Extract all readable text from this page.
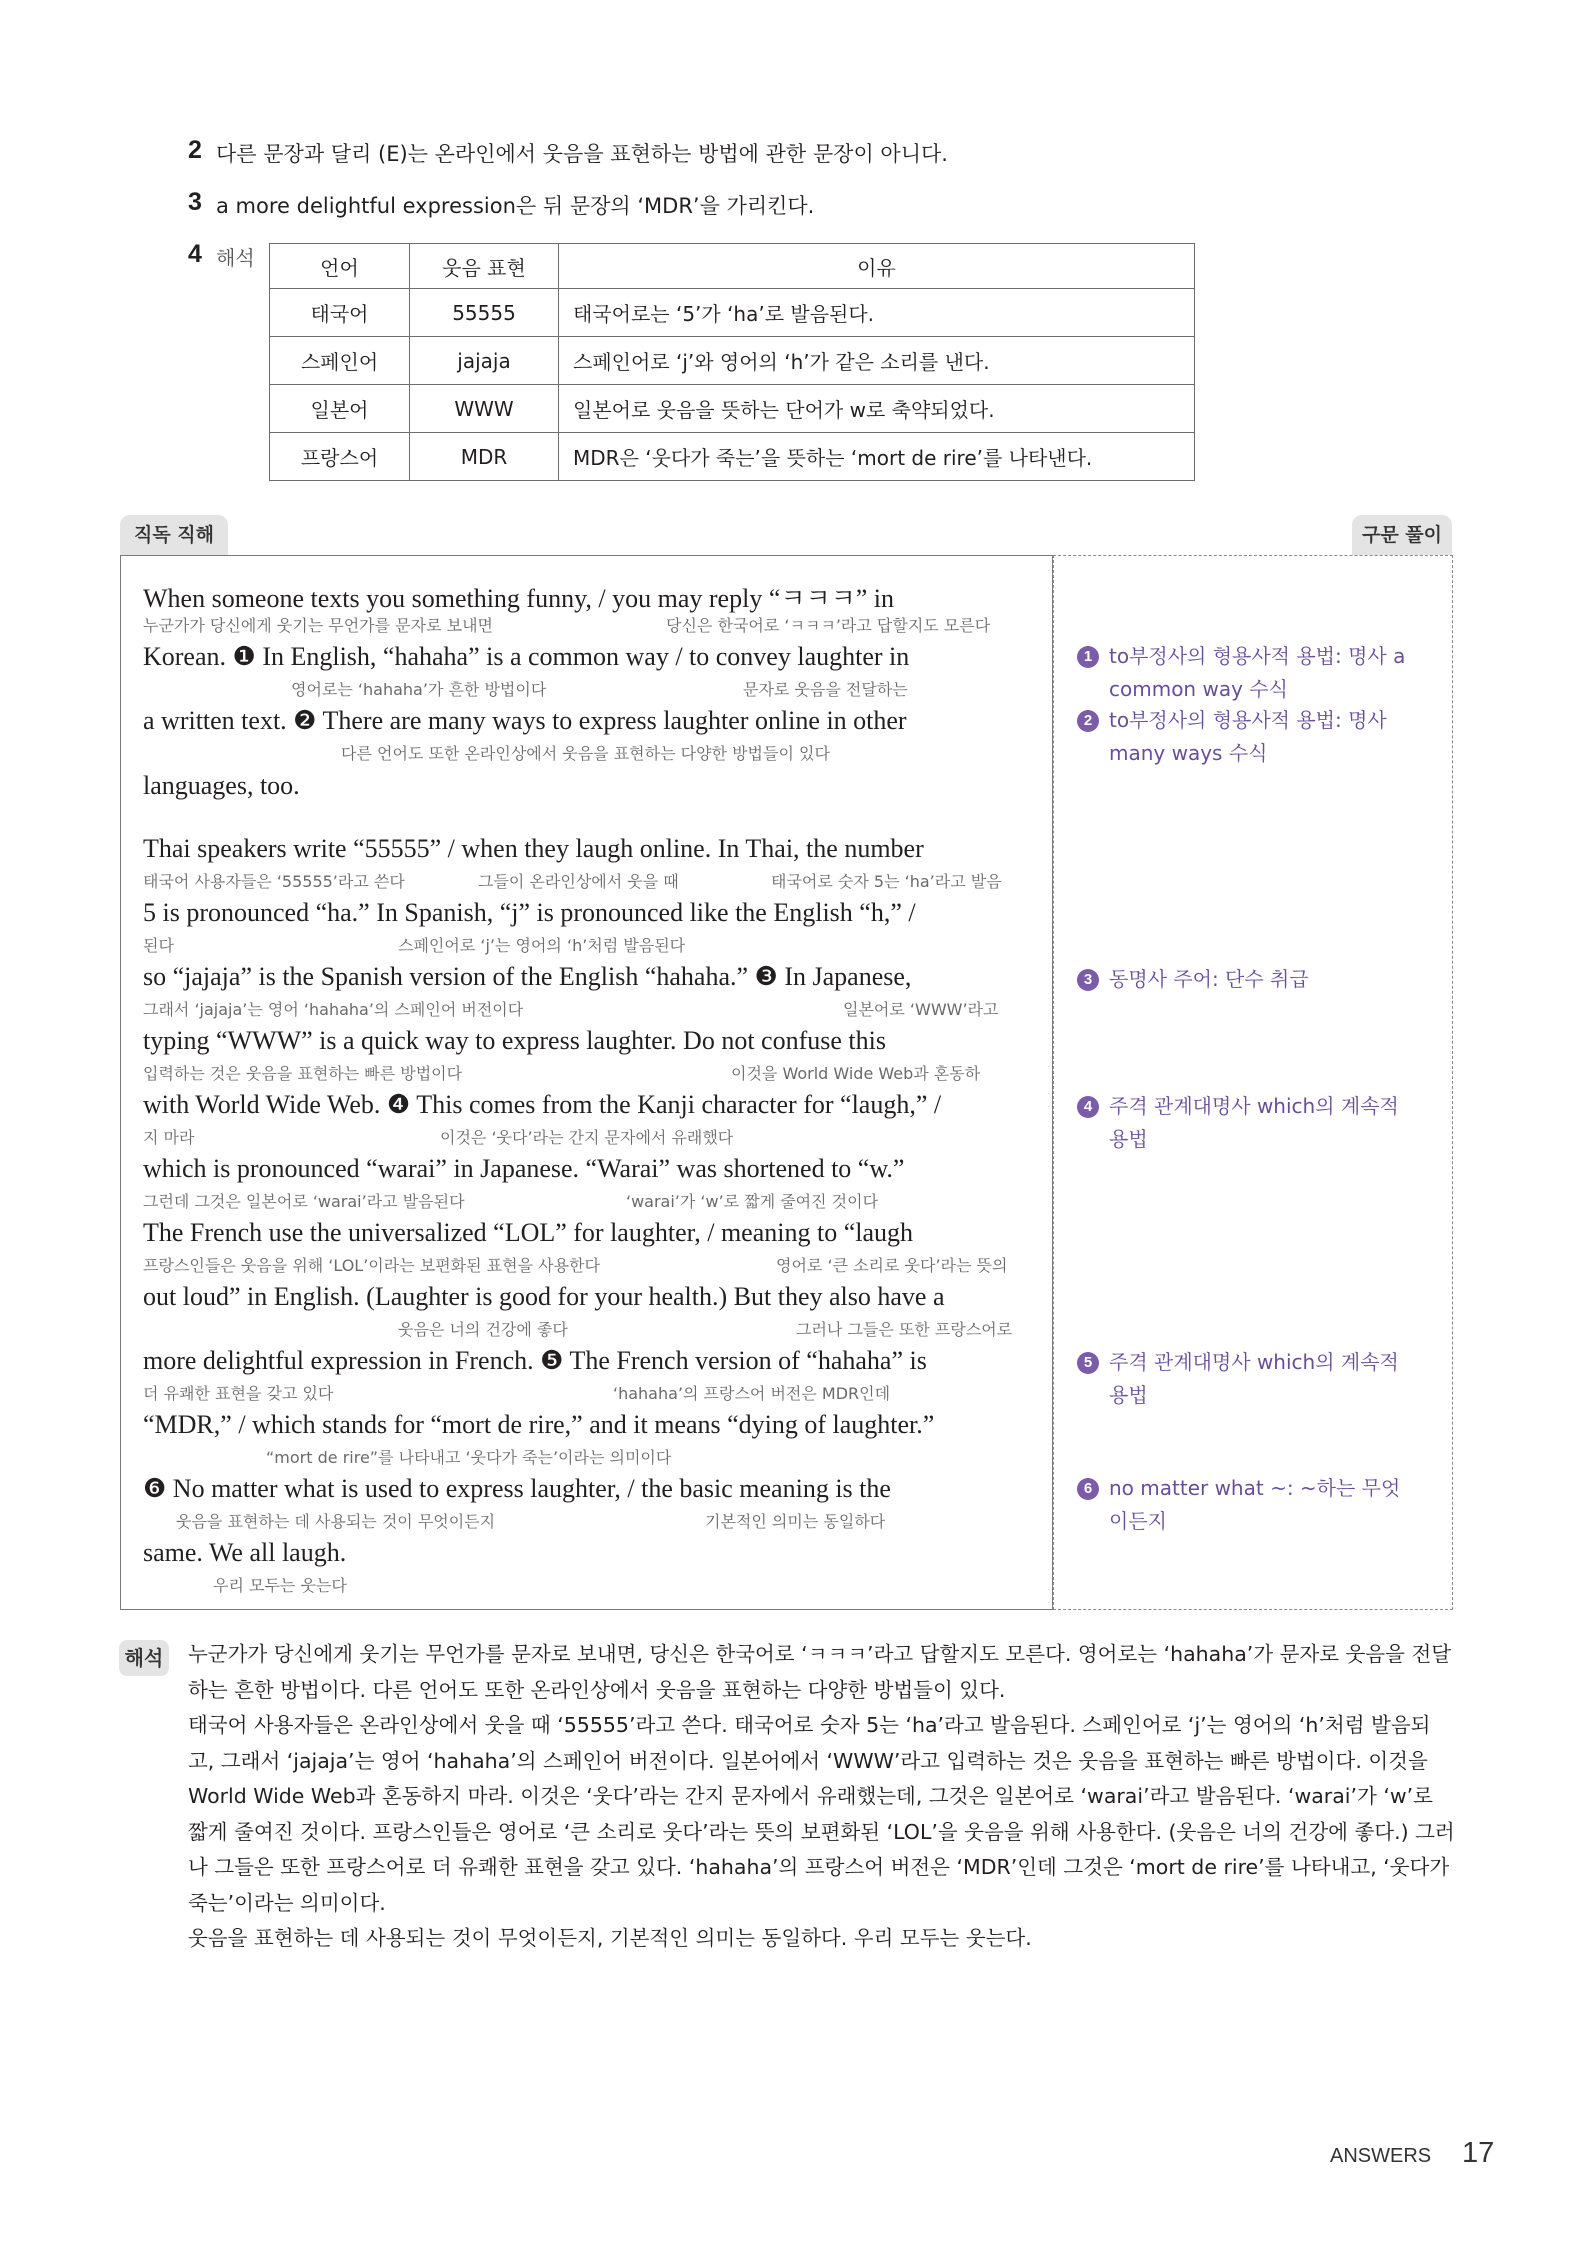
2 다른 문장과 달리 (E)는 온라인에서 웃음을 표현하는 방법에 관한 문장이 아니다.
3 a more delightful expression은 뒤 문장의 ‘MDR’을 가리킨다.
4 해석	언어	웃음 표현	이유
태국어	55555	태국어로는 ‘5’가 ‘ha’로 발음된다.
스페인어	jajaja	스페인어로 ‘j’와 영어의 ‘h’가 같은 소리를 낸다.
일본어	WWW	일본어로 웃음을 뜻하는 단어가 w로 축약되었다.
프랑스어	MDR	MDR은 ‘웃다가 죽는’을 뜻하는 ‘mort de rire’를 나타낸다.
직독 직해	구문 풀이
When someone texts you something funny, / you may reply “ㅋㅋㅋ” in
누군가가 당신에게 웃기는 무언가를 문자로 보내면	당신은 한국어로 ‘ㅋㅋㅋ’라고 답할지도 모른다
Korean. ❶ In English, “hahaha” is a common way / to convey laughter in
영어로는 ‘hahaha’가 흔한 방법이다	문자로 웃음을 전달하는
a written text. ❷ There are many ways to express laughter online in other
다른 언어도 또한 온라인상에서 웃음을 표현하는 다양한 방법들이 있다
languages, too.
Thai speakers write “55555” / when they laugh online. In Thai, the number
태국어 사용자들은 ‘55555’라고 쓴다	그들이 온라인상에서 웃을 때	태국어로 숫자 5는 ‘ha’라고 발음
5 is pronounced “ha.” In Spanish, “j” is pronounced like the English “h,” /
된다	스페인어로 ‘j’는 영어의 ‘h’처럼 발음된다
so “jajaja” is the Spanish version of the English “hahaha.” ❸ In Japanese,
그래서 ‘jajaja’는 영어 ‘hahaha’의 스페인어 버전이다	일본어로 ‘WWW’라고
typing “WWW” is a quick way to express laughter. Do not confuse this
입력하는 것은 웃음을 표현하는 빠른 방법이다	이것을 World Wide Web과 혼동하
with World Wide Web. ❹ This comes from the Kanji character for “laugh,” /
지 마라	이것은 ‘웃다’라는 간지 문자에서 유래했다
which is pronounced “warai” in Japanese. “Warai” was shortened to “w.”
그런데 그것은 일본어로 ‘warai’라고 발음된다	‘warai’가 ‘w’로 짧게 줄여진 것이다
The French use the universalized “LOL” for laughter, / meaning to “laugh
프랑스인들은 웃음을 위해 ‘LOL’이라는 보편화된 표현을 사용한다	영어로 ‘큰 소리로 웃다’라는 뜻의
out loud” in English. (Laughter is good for your health.) But they also have a
웃음은 너의 건강에 좋다	그러나 그들은 또한 프랑스어로
more delightful expression in French. ❺ The French version of “hahaha” is
더 유쾌한 표현을 갖고 있다	‘hahaha’의 프랑스어 버전은 MDR인데
“MDR,” / which stands for “mort de rire,” and it means “dying of laughter.”
“mort de rire”를 나타내고 ‘웃다가 죽는’이라는 의미이다
❻ No matter what is used to express laughter, / the basic meaning is the
웃음을 표현하는 데 사용되는 것이 무엇이든지	기본적인 의미는 동일하다
same. We all laugh.
우리 모두는 웃는다
1 to부정사의 형용사적 용법: 명사 a
common way 수식
2 to부정사의 형용사적 용법: 명사
many ways 수식
3 동명사 주어: 단수 취급
4 주격 관계대명사 which의 계속적
용법
5 주격 관계대명사 which의 계속적
용법
6 no matter what ~: ~하는 무엇
이든지
해석 누군가가 당신에게 웃기는 무언가를 문자로 보내면, 당신은 한국어로 ‘ㅋㅋㅋ’라고 답할지도 모른다. 영어로는 ‘hahaha’가 문자로 웃음을 전달하는 흔한 방법이다. 다른 언어도 또한 온라인상에서 웃음을 표현하는 다양한 방법들이 있다.

태국어 사용자들은 온라인상에서 웃을 때 ‘55555’라고 쓴다. 태국어로 숫자 5는 ‘ha’라고 발음된다. 스페인어로 ‘j’는 영어의 ‘h’처럼 발음되고, 그래서 ‘jajaja’는 영어 ‘hahaha’의 스페인어 버전이다. 일본어에서 ‘WWW’라고 입력하는 것은 웃음을 표현하는 빠른 방법이다. 이것을 World Wide Web과 혼동하지 마라. 이것은 ‘웃다’라는 간지 문자에서 유래했는데, 그것은 일본어로 ‘warai’라고 발음된다. ‘warai’가 ‘w’로 짧게 줄여진 것이다. 프랑스인들은 영어로 ‘큰 소리로 웃다’라는 뜻의 보편화된 ‘LOL’을 웃음을 위해 사용한다. (웃음은 너의 건강에 좋다.) 그러나 그들은 또한 프랑스어로 더 유쾌한 표현을 갖고 있다. ‘hahaha’의 프랑스어 버전은 ‘MDR’인데 그것은 ‘mort de rire’를 나타내고, ‘웃다가 죽는’이라는 의미이다.

웃음을 표현하는 데 사용되는 것이 무엇이든지, 기본적인 의미는 동일하다. 우리 모두는 웃는다.

ANSWERS 17
